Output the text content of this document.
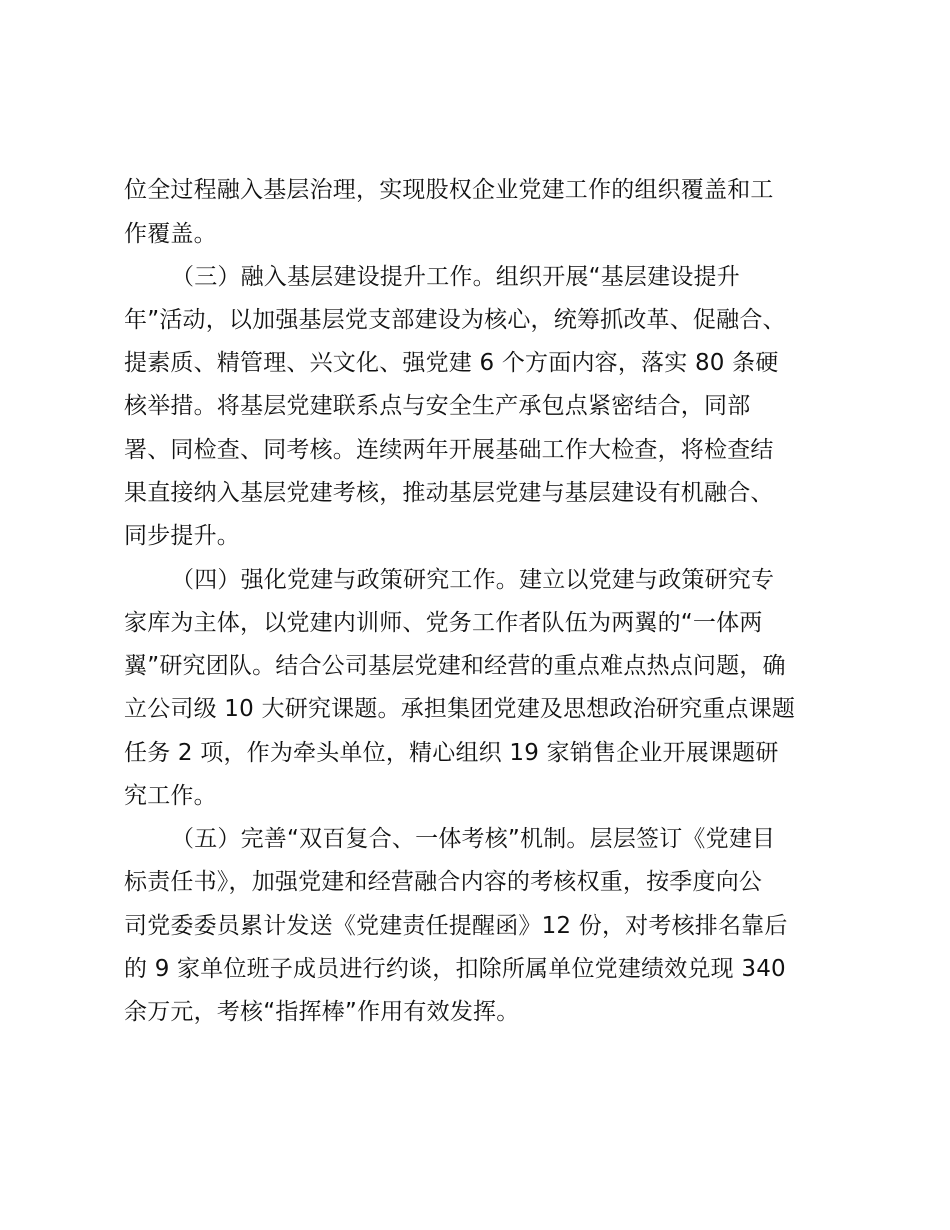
位全过程融入基层治理，实现股权企业党建工作的组织覆盖和工
作覆盖。
（三）融入基层建设提升工作。组织开展“基层建设提升
年”活动，以加强基层党支部建设为核心，统筹抓改革、促融合、
提素质、精管理、兴文化、强党建 6 个方面内容，落实 80 条硬
核举措。将基层党建联系点与安全生产承包点紧密结合，同部
署、同检查、同考核。连续两年开展基础工作大检查，将检查结
果直接纳入基层党建考核，推动基层党建与基层建设有机融合、
同步提升。
（四）强化党建与政策研究工作。建立以党建与政策研究专
家库为主体，以党建内训师、党务工作者队伍为两翼的“一体两
翼”研究团队。结合公司基层党建和经营的重点难点热点问题，确
立公司级 10 大研究课题。承担集团党建及思想政治研究重点课题
任务 2 项，作为牵头单位，精心组织 19 家销售企业开展课题研
究工作。
（五）完善“双百复合、一体考核”机制。层层签订《党建目
标责任书》，加强党建和经营融合内容的考核权重，按季度向公
司党委委员累计发送《党建责任提醒函》12 份，对考核排名靠后
的 9 家单位班子成员进行约谈，扣除所属单位党建绩效兑现 340
余万元，考核“指挥棒”作用有效发挥。
